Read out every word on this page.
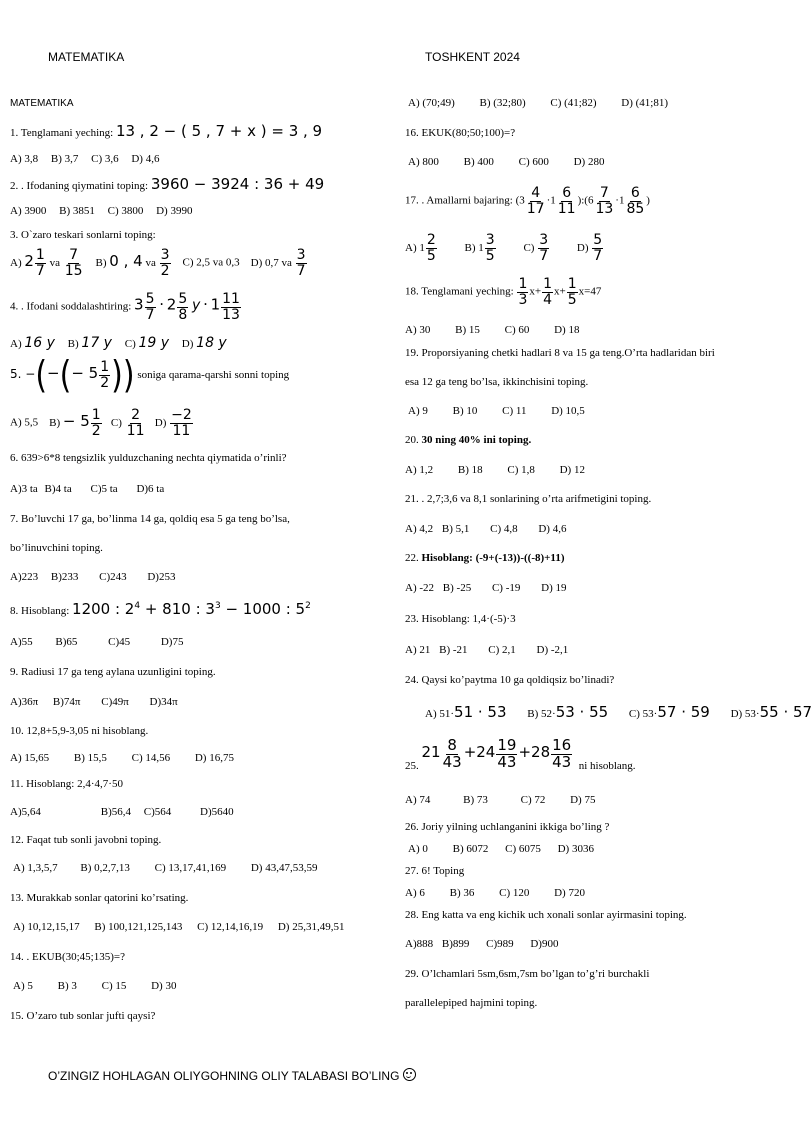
MATEMATIKA	TOSHKENT 2024
MATEMATIKA
1. Tenglamani yeching: 13 , 2 − ( 5 , 7 + x ) = 3 , 9
A) 3,8 B) 3,7 C) 3,6 D) 4,6
2. . Ifodaning qiymatini toping: 3960 − 3924 : 36 + 49
A) 3900 B) 3851 C) 3800 D) 3990
3. O`zaro teskari sonlarni toping:
A) $2 \frac{1}{7}$ va $\frac{7}{15} B$) 0 , 4 va $\frac{3}{2} C$) 2,5 va 0,3 D) 0,7 va $\frac{3}{7}$
4. . Ifodani soddalashtiring: $3 \frac{5}{7} \cdot 2 \frac{5}{8}$ $y \cdot 1 \frac{11}{13}$
A) 16 y B) 17 y C) 19 y D) 18 y
5. −(−(− $5 \frac{1}{2}$ )) soniga qarama-qarshi sonni toping
A) 5,5 $B) - 5 \frac{1}{2} C) \frac{2}{11} D) \frac{-2}{11}$
6. 639>6*8 tengsizlik yulduzchaning nechta qiymatida o’rinli?
A)3 ta B)4 ta C)5 ta D)6 ta
7. Bo’luvchi 17 ga, bo’linma 14 ga, qoldiq esa 5 ga teng bo’lsa,
bo’linuvchini toping.
A)223 B)233 C)243 D)253
8. Hisoblang: 1200 : $2^4 + 810$ : $3^3 - 1000$ : $5^2$
A)55 B)65	C)45	D)75
9. Radiusi 17 ga teng aylana uzunligini toping.
A)36π B)74π C)49π D)34π
10. 12,8+5,9-3,05 ni hisoblang.
A) 15,65 B) 15,5 C) 14,56 D) 16,75
11. Hisoblang: 2,4·4,7·50
A)5,64	B)56,4 C)564	D)5640
12. Faqat tub sonli javobni toping.
A) 1,3,5,7 B) 0,2,7,13 C) 13,17,41,169 D) 43,47,53,59
13. Murakkab sonlar qatorini ko’rsating.
A) 10,12,15,17 B) 100,121,125,143 C) 12,14,16,19 D) 25,31,49,51
14. . EKUB(30;45;135)=?
A) 5 B) 3 C) 15 D) 30
15. O’zaro tub sonlar jufti qaysi?
A) (70;49) B) (32;80) C) (41;82) D) (41;81)
16. EKUK(80;50;100)=?
A) 800 B) 400 C) 600 D) 280
17. . Amallarni bajaring: ($3 \frac{4}{17} \cdot 1 \frac{6}{11}$ ):(6 $\frac{7}{13} \cdot 1 \frac{6}{85}$ )
A) $1 \frac{2}{5}$	B) $1 \frac{3}{5}$	$C) \frac{3}{7}$	$D) \frac{5}{7}$
18. Tenglamani yeching: $\frac{1}{3} x+ \frac{1}{4} x+ \frac{1}{5} x=47$
A) 30 B) 15 C) 60 D) 18
19. Proporsiyaning chetki hadlari 8 va 15 ga teng.O’rta hadlaridan biri
esa 12 ga teng bo’lsa, ikkinchisini toping.
A) 9 B) 10 C) 11 D) 10,5
20. 30 ning 40% ini toping.
A) 1,2 B) 18 C) 1,8 D) 12
21. . 2,7;3,6 va 8,1 sonlarining o’rta arifmetigini toping.
A) 4,2 B) 5,1 C) 4,8 D) 4,6
22. Hisoblang: (-9+(-13))-((-8)+11)
A) -22 B) -25 C) -19 D) 19
23. Hisoblang: 1,4·(-5)·3
A) 21 B) -21 C) 2,1 D) -2,1
24. Qaysi ko’paytma 10 ga qoldiqsiz bo’linadi?
A) 51·51 · 53 B) 52·53 · 55 C) 53·57 · 59 D) 53·55 · 57
25. $21 \frac{8}{43} +24 \frac{19}{43} +28 \frac{16}{43}$ ni hisoblang.
A) 74	B) 73	C) 72 D) 75
26. Joriy yilning uchlanganini ikkiga bo’ling ?
A) 0 B) 6072 C) 6075 D) 3036
27. 6! Toping
A) 6 B) 36 C) 120 D) 720
28. Eng katta va eng kichik uch xonali sonlar ayirmasini toping.
A)888 B)899 C)989 D)900
29. O’lchamlari 5sm,6sm,7sm bo’lgan to’g’ri burchakli
parallelepiped hajmini toping.
O’ZINGIZ HOHLAGAN OLIYGOHNING OLIY TALABASI BO’LING
